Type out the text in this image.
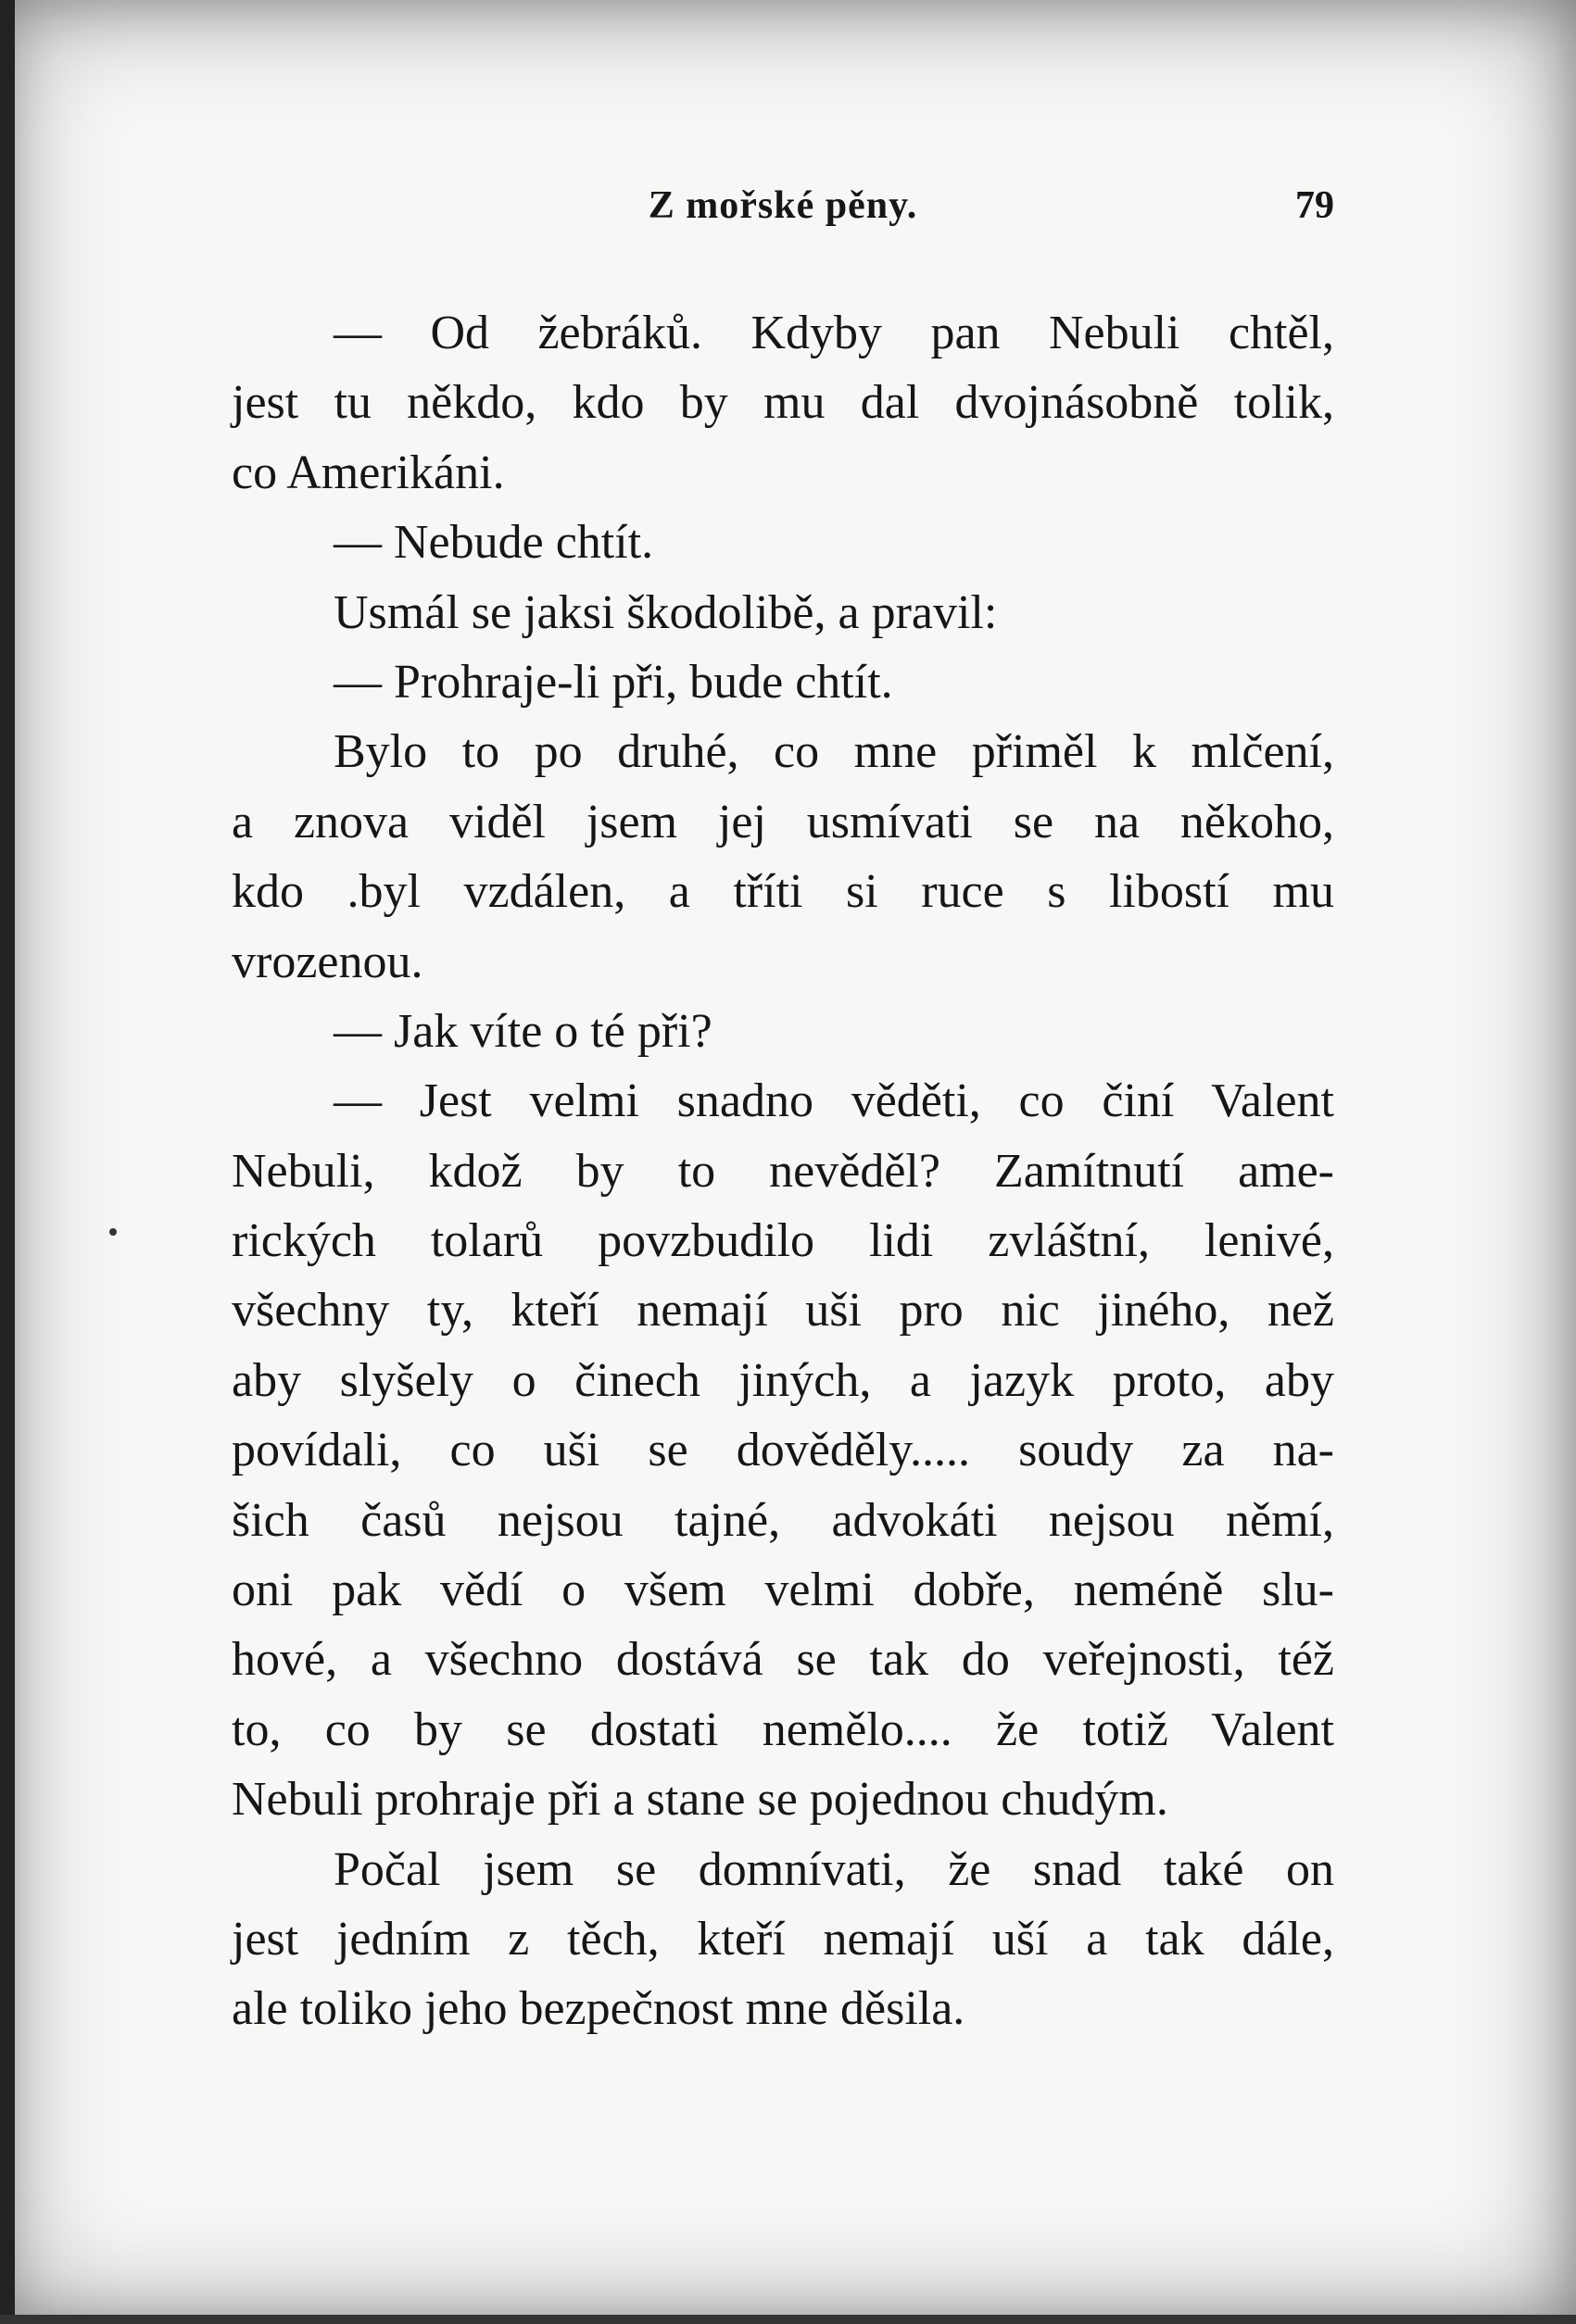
Z mořské pěny.	79
— Od žebráků. Kdyby pan Nebuli chtěl,
jest tu někdo, kdo by mu dal dvojnásobně tolik,
co Amerikáni.
— Nebude chtít.
Usmál se jaksi škodolibě, a pravil:
— Prohraje-li při, bude chtít.
Bylo to po druhé, co mne přiměl k mlčení,
a znova viděl jsem jej usmívati se na někoho,
kdo .byl vzdálen, a tříti si ruce s libostí mu
vrozenou.
— Jak víte o té při?
— Jest velmi snadno věděti, co činí Valent
Nebuli, kdož by to nevěděl? Zamítnutí ame-
rických tolarů povzbudilo lidi zvláštní, lenivé,
všechny ty, kteří nemají uši pro nic jiného, než
aby slyšely o činech jiných, a jazyk proto, aby
povídali, co uši se dověděly..... soudy za na-
šich časů nejsou tajné, advokáti nejsou němí,
oni pak vědí o všem velmi dobře, neméně slu-
hové, a všechno dostává se tak do veřejnosti, též
to, co by se dostati nemělo.... že totiž Valent
Nebuli prohraje při a stane se pojednou chudým.
Počal jsem se domnívati, že snad také on
jest jedním z těch, kteří nemají uší a tak dále,
ale toliko jeho bezpečnost mne děsila.
